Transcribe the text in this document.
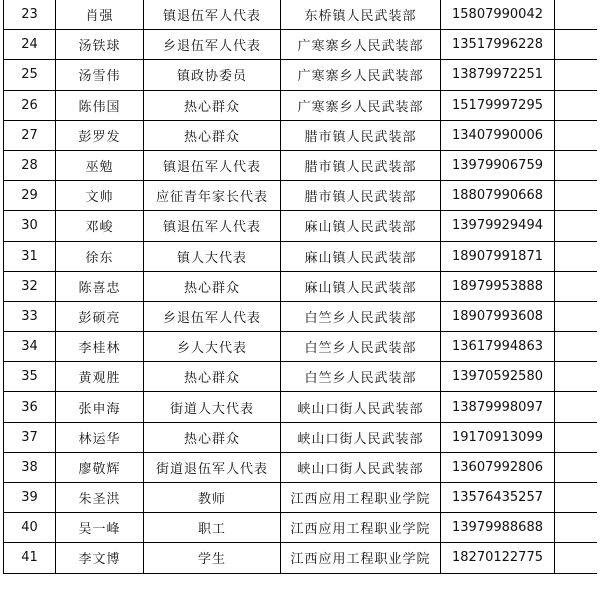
23	肖强	镇退伍军人代表	东桥镇人民武装部	15807990042	
24	汤铁球	乡退伍军人代表	广寒寨乡人民武装部	13517996228	
25	汤雪伟	镇政协委员	广寒寨乡人民武装部	13879972251	
26	陈伟国	热心群众	广寒寨乡人民武装部	15179997295	
27	彭罗发	热心群众	腊市镇人民武装部	13407990006	
28	巫勉	镇退伍军人代表	腊市镇人民武装部	13979906759	
29	文帅	应征青年家长代表	腊市镇人民武装部	18807990668	
30	邓峻	镇退伍军人代表	麻山镇人民武装部	13979929494	
31	徐东	镇人大代表	麻山镇人民武装部	18907991871	
32	陈喜忠	热心群众	麻山镇人民武装部	18979953888	
33	彭硕亮	乡退伍军人代表	白竺乡人民武装部	18907993608	
34	李桂林	乡人大代表	白竺乡人民武装部	13617994863	
35	黄观胜	热心群众	白竺乡人民武装部	13970592580	
36	张申海	街道人大代表	峡山口街人民武装部	13879998097	
37	林运华	热心群众	峡山口街人民武装部	19170913099	
38	廖敬辉	街道退伍军人代表	峡山口街人民武装部	13607992806	
39	朱圣洪	教师	江西应用工程职业学院	13576435257	
40	吴一峰	职工	江西应用工程职业学院	13979988688	
41	李文博	学生	江西应用工程职业学院	18270122775	
